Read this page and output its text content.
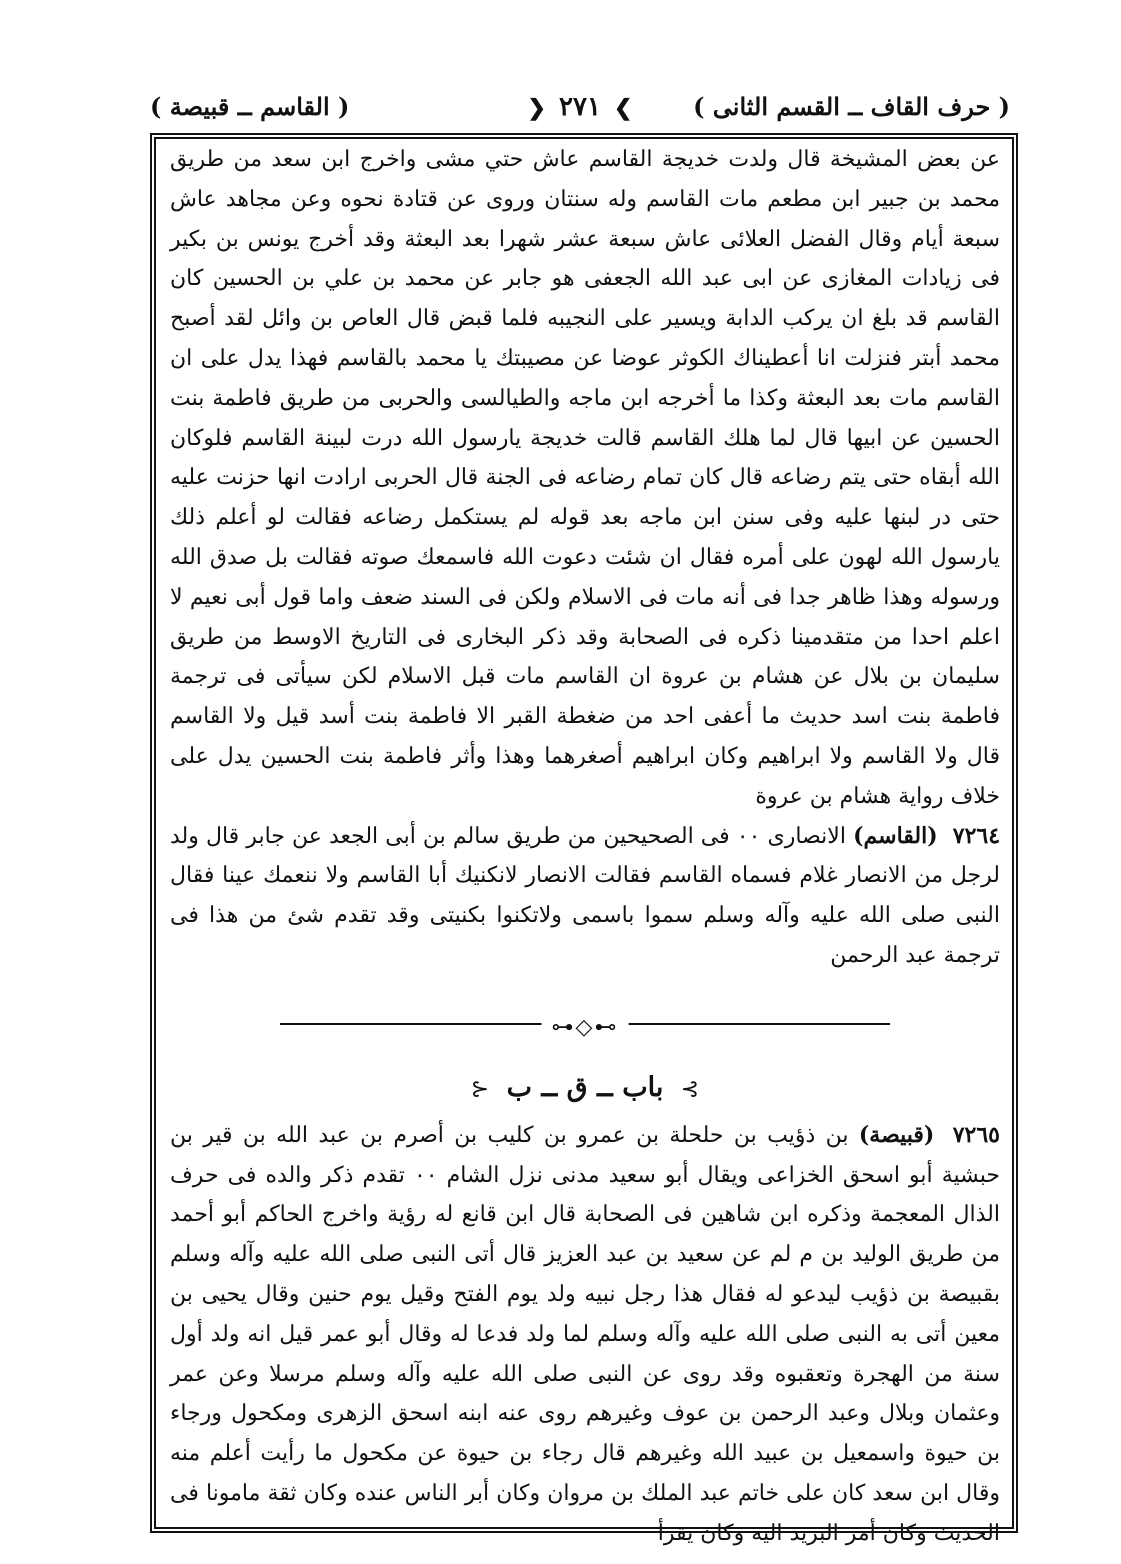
( حرف القاف ــ القسم الثانى )
❯ ۲۷۱ ❮
( القاسم ــ قبيصة )

عن بعض المشيخة قال ولدت خديجة القاسم عاش حتي مشى واخرج ابن سعد من طريق محمد بن جبير ابن مطعم مات القاسم وله سنتان وروى عن قتادة نحوه وعن مجاهد عاش سبعة أيام وقال الفضل العلائى عاش سبعة عشر شهرا بعد البعثة وقد أخرج يونس بن بكير فى زيادات المغازى عن ابى عبد الله الجعفى هو جابر عن محمد بن علي بن الحسين كان القاسم قد بلغ ان يركب الدابة ويسير على النجيبه فلما قبض قال العاص بن وائل لقد أصبح محمد أبتر فنزلت انا أعطيناك الكوثر عوضا عن مصيبتك يا محمد بالقاسم فهذا يدل على ان القاسم مات بعد البعثة وكذا ما أخرجه ابن ماجه والطيالسى والحربى من طريق فاطمة بنت الحسين عن ابيها قال لما هلك القاسم قالت خديجة يارسول الله درت لبينة القاسم فلوكان الله أبقاه حتى يتم رضاعه قال كان تمام رضاعه فى الجنة قال الحربى ارادت انها حزنت عليه حتى در لبنها عليه وفى سنن ابن ماجه بعد قوله لم يستكمل رضاعه فقالت لو أعلم ذلك يارسول الله لهون على أمره فقال ان شئت دعوت الله فاسمعك صوته فقالت بل صدق الله ورسوله وهذا ظاهر جدا فى أنه مات فى الاسلام ولكن فى السند ضعف واما قول أبى نعيم لا اعلم احدا من متقدمينا ذكره فى الصحابة وقد ذكر البخارى فى التاريخ الاوسط من طريق سليمان بن بلال عن هشام بن عروة ان القاسم مات قبل الاسلام لكن سيأتى فى ترجمة فاطمة بنت اسد حديث ما أعفى احد من ضغطة القبر الا فاطمة بنت أسد قيل ولا القاسم قال ولا القاسم ولا ابراهيم وكان ابراهيم أصغرهما وهذا وأثر فاطمة بنت الحسين يدل على خلاف رواية هشام بن عروة

۷۲٦٤ (القاسم) الانصارى ٠٠ فى الصحيحين من طريق سالم بن أبى الجعد عن جابر قال ولد لرجل من الانصار غلام فسماه القاسم فقالت الانصار لانكنيك أبا القاسم ولا ننعمك عينا فقال النبى صلى الله عليه وآله وسلم سموا باسمى ولاتكنوا بكنيتى وقد تقدم شئ من هذا فى ترجمة عبد الرحمن

⊶◇⊷
⊱ باب ــ ق ــ ب ⊰

۷۲٦٥ (قبيصة) بن ذؤيب بن حلحلة بن عمرو بن كليب بن أصرم بن عبد الله بن قير بن حبشية أبو اسحق الخزاعى ويقال أبو سعيد مدنى نزل الشام ٠٠ تقدم ذكر والده فى حرف الذال المعجمة وذكره ابن شاهين فى الصحابة قال ابن قانع له رؤية واخرج الحاكم أبو أحمد من طريق الوليد بن م لم عن سعيد بن عبد العزيز قال أتى النبى صلى الله عليه وآله وسلم بقبيصة بن ذؤيب ليدعو له فقال هذا رجل نبيه ولد يوم الفتح وقيل يوم حنين وقال يحيى بن معين أتى به النبى صلى الله عليه وآله وسلم لما ولد فدعا له وقال أبو عمر قيل انه ولد أول سنة من الهجرة وتعقبوه وقد روى عن النبى صلى الله عليه وآله وسلم مرسلا وعن عمر وعثمان وبلال وعبد الرحمن بن عوف وغيرهم روى عنه ابنه اسحق الزهرى ومكحول ورجاء بن حيوة واسمعيل بن عبيد الله وغيرهم قال رجاء بن حيوة عن مكحول ما رأيت أعلم منه وقال ابن سعد كان على خاتم عبد الملك بن مروان وكان أبر الناس عنده وكان ثقة مامونا فى الحديث وكان أمر البريد اليه وكان يقرأ
